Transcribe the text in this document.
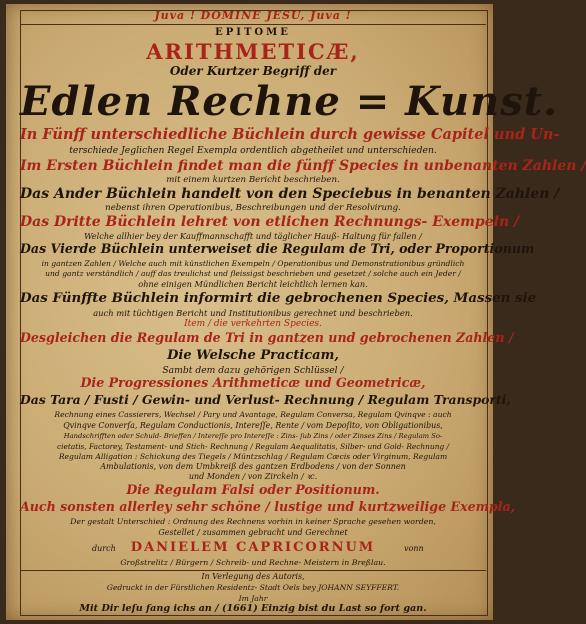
Juva ! DOMINE JESU, Juva !
EPITOME
ARITHMETICÆ,
Oder Kurtzer Begriff der
Edlen Rechne = Kunst.
In Fünff unterschiedliche Büchlein durch gewisse Capitel und Un-
terschiede Jeglichen Regel Exempla ordentlich abgetheilet und unterschieden.
Im Ersten Büchlein findet man die fünff Species in unbenanten Zahlen /
mit einem kurtzen Bericht beschrieben.
Das Ander Büchlein handelt von den Speciebus in benanten Zahlen /
nebenst ihren Operationibus, Beschreibungen und der Resolvirung.
Das Dritte Büchlein lehret von etlichen Rechnungs- Exempeln /
Welche allhier bey der Kauffmannschafft und täglicher Hauß- Haltung für fallen /
Das Vierde Büchlein unterweiset die Regulam de Tri, oder Proportionum
in gantzen Zahlen / Welche auch mit künstlichen Exempeln / Operationibus und Demonstrationibus gründlich
und gantz verständlich / auff das treulichst und fleissigst beschrieben und gesetzet / solche auch ein Jeder /
ohne einigen Mündlichen Bericht leichtlich lernen kan.
Das Fünffte Büchlein informirt die gebrochenen Species, Massen sie
auch mit tüchtigen Bericht und Institutionibus gerechnet und beschrieben.
Item / die verkehrten Species.
Desgleichen die Regulam de Tri in gantzen und gebrochenen Zahlen /
Die Welsche Practicam,
Sambt dem dazu gehörigen Schlüssel /
Die Progressiones Arithmeticæ und Geometricæ,
Das Tara / Fusti / Gewin- und Verlust- Rechnung / Regulam Transporti,
Rechnung eines Cassierers, Wechsel / Pary und Avantage, Regulam Conversa, Regulam Qvinqve : auch
Qvinqve Converſa, Regulam Conductionis, Intereſſe, Rente / vom Depoſito, von Obligationibus,
Handschrifften oder Schuld- Brieffen / Intereſſe pro Intereſſe : Zins- ſub Zins / oder Zinses Zins / Regulam So-
cietatis, Factorey, Testament- und Stich- Rechnung / Regulam Aequalitatis, Silber- und Gold- Rechnung /
Regulam Alligation : Schickung des Tiegels / Müntzschlag / Regulam Cæcis oder Virginum, Regulam
Ambulationis, von dem Umbkreiß des gantzen Erdbodens / von der Sonnen
und Monden / von Zirckeln / ꝛc.
Die Regulam Falsi oder Positionum.
Auch sonsten allerley sehr schöne / lustige und kurtzweilige Exempla,
Der gestalt Unterschied : Ordnung des Rechnens vorhin in keiner Sprache gesehen worden,
Gestellet / zusammen gebracht und Gerechnet
durch	DANIELEM CAPRICORNUM	vonn
Großstrelitz / Bürgern / Schreib- und Rechne- Meistern in Breßlau.
In Verlegung des Autoris,
Gedruckt in der Fürstlichen Residentz- Stadt Oels bey JOHANN SEYFFERT.
Im Jahr
Mit Dir leſu fang ichs an / (1661) Einzig bist du Last so fort gan.
